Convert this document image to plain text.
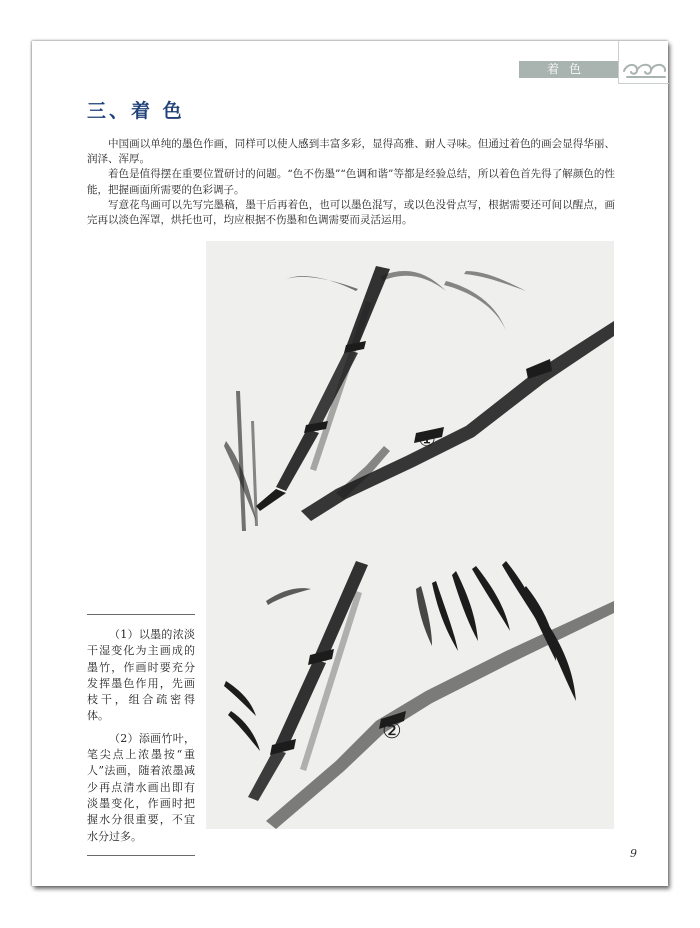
着色
三、着 色

中国画以单纯的墨色作画，同样可以使人感到丰富多彩，显得高雅、耐人寻味。但通过着色的画会显得华丽、润泽、浑厚。

着色是值得摆在重要位置研讨的问题。“色不伤墨”“色调和谐”等都是经验总结，所以着色首先得了解颜色的性能，把握画面所需要的色彩调子。

写意花鸟画可以先写完墨稿，墨干后再着色，也可以墨色混写，或以色没骨点写，根据需要还可间以醒点，画完再以淡色浑罩，烘托也可，均应根据不伤墨和色调需要而灵活运用。

①
②

（1）以墨的浓淡干湿变化为主画成的墨竹，作画时要充分发挥墨色作用，先画枝干，组合疏密得体。

（2）添画竹叶，笔尖点上浓墨按“重人”法画，随着浓墨减少再点清水画出即有淡墨变化，作画时把握水分很重要，不宜水分过多。

9
